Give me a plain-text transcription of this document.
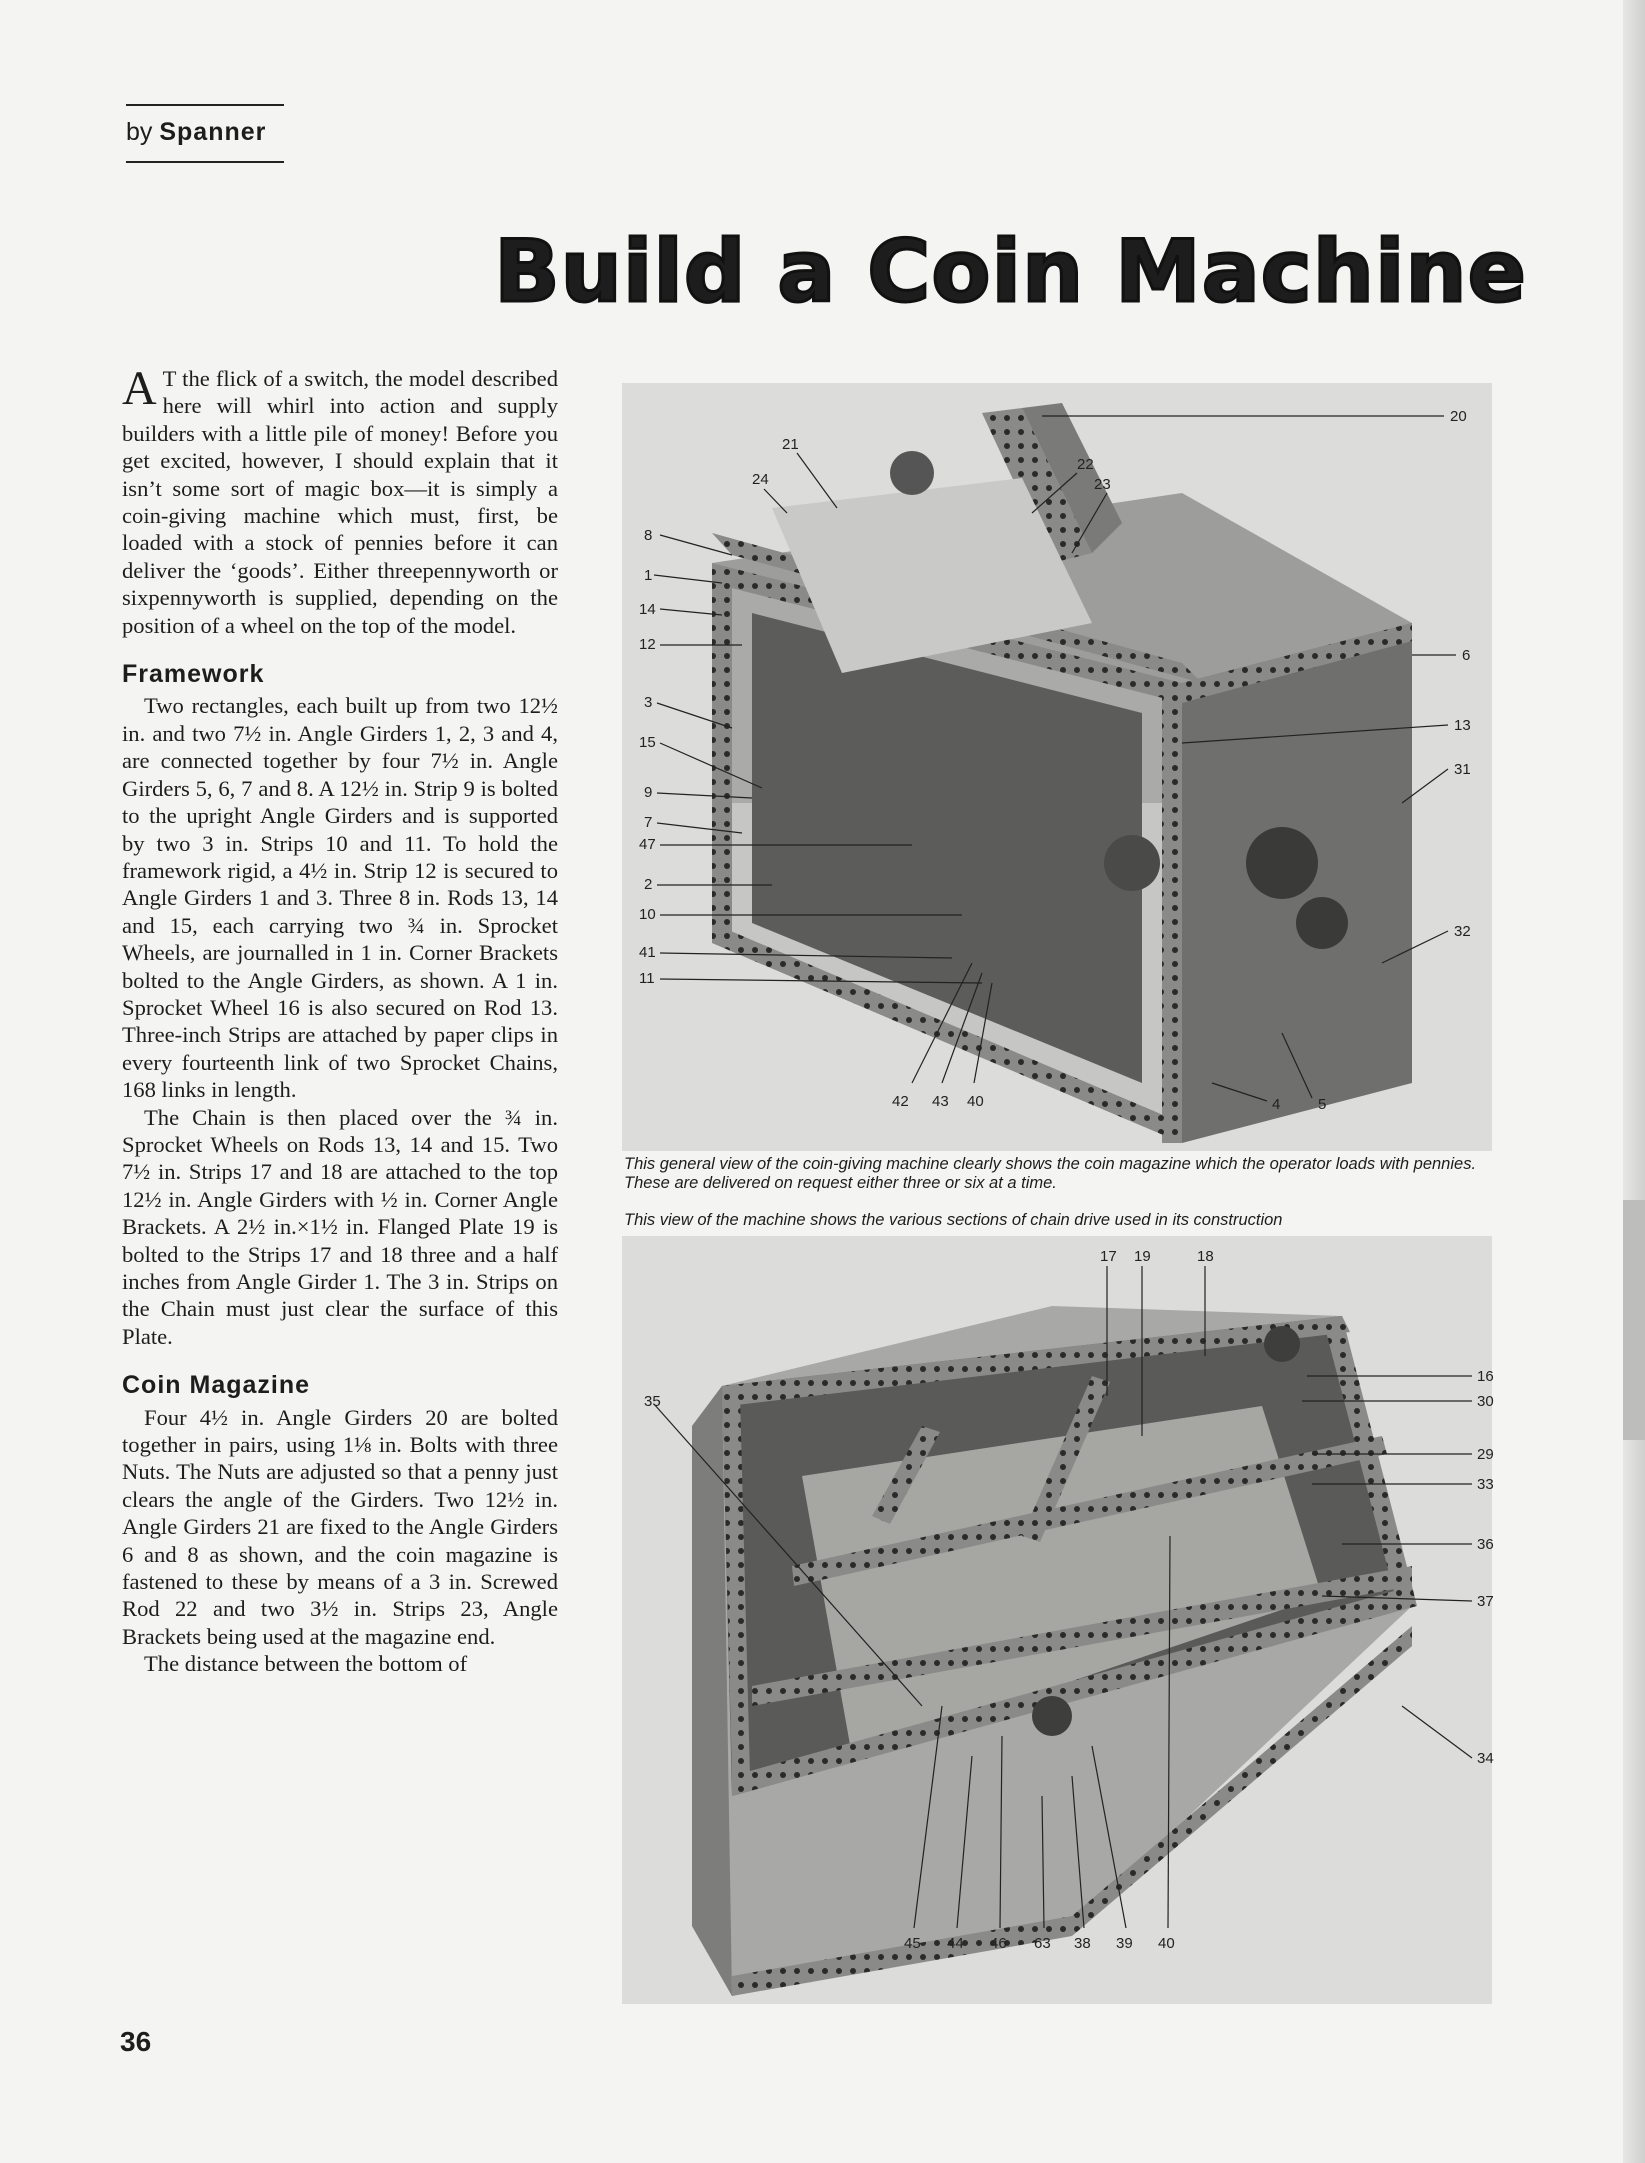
by Spanner
Build a Coin Machine

A T the flick of a switch, the model described here will whirl into action and supply builders with a little pile of money! Before you get excited, however, I should explain that it isn’t some sort of magic box—it is simply a coin-giving machine which must, first, be loaded with a stock of pennies before it can deliver the ‘goods’. Either threepennyworth or sixpennyworth is supplied, depending on the position of a wheel on the top of the model.

Framework

Two rectangles, each built up from two 12½ in. and two 7½ in. Angle Girders 1, 2, 3 and 4, are connected together by four 7½ in. Angle Girders 5, 6, 7 and 8. A 12½ in. Strip 9 is bolted to the upright Angle Girders and is supported by two 3 in. Strips 10 and 11. To hold the framework rigid, a 4½ in. Strip 12 is secured to Angle Girders 1 and 3. Three 8 in. Rods 13, 14 and 15, each carrying two ¾ in. Sprocket Wheels, are journalled in 1 in. Corner Brackets bolted to the Angle Girders, as shown. A 1 in. Sprocket Wheel 16 is also secured on Rod 13. Three-inch Strips are attached by paper clips in every fourteenth link of two Sprocket Chains, 168 links in length.

The Chain is then placed over the ¾ in. Sprocket Wheels on Rods 13, 14 and 15. Two 7½ in. Strips 17 and 18 are attached to the top 12½ in. Angle Girders with ½ in. Corner Angle Brackets. A 2½ in.×1½ in. Flanged Plate 19 is bolted to the Strips 17 and 18 three and a half inches from Angle Girder 1. The 3 in. Strips on the Chain must just clear the surface of this Plate.

Coin Magazine

Four 4½ in. Angle Girders 20 are bolted together in pairs, using 1⅛ in. Bolts with three Nuts. The Nuts are adjusted so that a penny just clears the angle of the Girders. Two 12½ in. Angle Girders 21 are fixed to the Angle Girders 6 and 8 as shown, and the coin magazine is fastened to these by means of a 3 in. Screwed Rod 22 and two 3½ in. Strips 23, Angle Brackets being used at the magazine end.

The distance between the bottom of

20
21
22
23
24
8
1
14
12
3
15
9
7
47
2
10
41
11
6
13
31
32
42 43 40	4	5
This general view of the coin-giving machine clearly shows the coin magazine which the operator loads with pennies. These are delivered on request either three or six at a time.
This view of the machine shows the various sections of chain drive used in its construction
17 19	18
35
16
30
29
33
36
37
34
45 44 46 63 38 39 40
36
